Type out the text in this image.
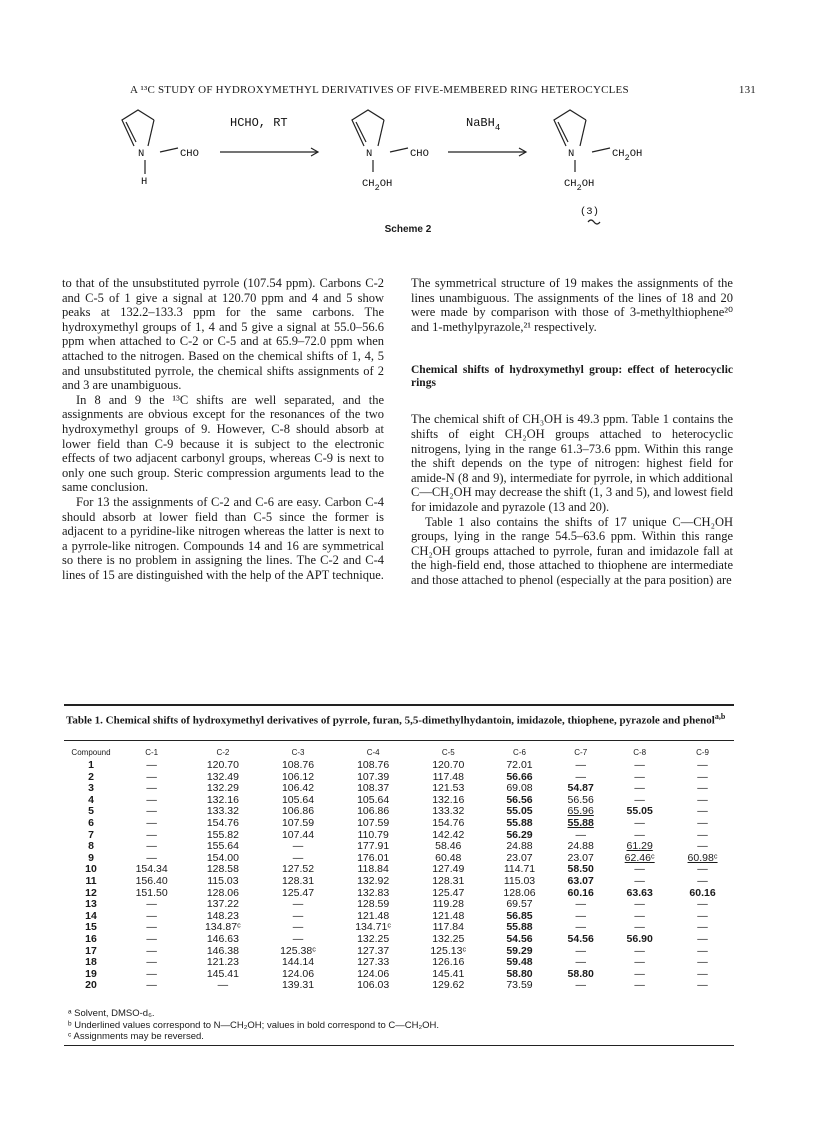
A ¹³C STUDY OF HYDROXYMETHYL DERIVATIVES OF FIVE-MEMBERED RING HETEROCYCLES	131
HCHO, RT	NaBH$_4$
N	CHO
H
N	CHO
$CH_2OH$
N	$CH_2OH$
$CH_2OH$
(3)
Scheme 2

to that of the unsubstituted pyrrole (107.54 ppm). Carbons C-2 and C-5 of 1 give a signal at 120.70 ppm and 4 and 5 show peaks at 132.2–133.3 ppm for the same carbons. The hydroxymethyl groups of 1, 4 and 5 give a signal at 55.0–56.6 ppm when attached to C-2 or C-5 and at 65.9–72.0 ppm when attached to the nitrogen. Based on the chemical shifts of 1, 4, 5 and unsubstituted pyrrole, the chemical shifts assignments of 2 and 3 are unambiguous.

In 8 and 9 the ¹³C shifts are well separated, and the assignments are obvious except for the resonances of the two hydroxymethyl groups of 9. However, C-8 should absorb at lower field than C-9 because it is subject to the electronic effects of two adjacent carbonyl groups, whereas C-9 is next to only one such group. Steric compression arguments lead to the same conclusion.

For 13 the assignments of C-2 and C-6 are easy. Carbon C-4 should absorb at lower field than C-5 since the former is adjacent to a pyridine-like nitrogen whereas the latter is next to a pyrrole-like nitrogen. Compounds 14 and 16 are symmetrical so there is no problem in assigning the lines. The C-2 and C-4 lines of 15 are distinguished with the help of the APT technique.

The symmetrical structure of 19 makes the assignments of the lines unambiguous. The assignments of the lines of 18 and 20 were made by comparison with those of 3-methylthiophene²⁰ and 1-methylpyrazole,²¹ respectively.

Chemical shifts of hydroxymethyl group: effect of heterocyclic rings

The chemical shift of CH₃OH is 49.3 ppm. Table 1 contains the shifts of eight CH₂OH groups attached to heterocyclic nitrogens, lying in the range 61.3–73.6 ppm. Within this range the shift depends on the type of nitrogen: highest field for amide-N (8 and 9), intermediate for pyrrole, in which additional C—CH₂OH may decrease the shift (1, 3 and 5), and lowest field for imidazole and pyrazole (13 and 20).

Table 1 also contains the shifts of 17 unique C—CH₂OH groups, lying in the range 54.5–63.6 ppm. Within this range CH₂OH groups attached to pyrrole, furan and imidazole fall at the high-field end, those attached to thiophene are intermediate and those attached to phenol (especially at the para position) are

Table 1. Chemical shifts of hydroxymethyl derivatives of pyrrole, furan, 5,5-dimethylhydantoin, imidazole, thiophene, pyrazole and phenol$^{a,b}$
Compound	C-1	C-2	C-3	C-4	C-5	C-6	C-7	C-8	C-9
1	—	120.70	108.76	108.76	120.70	72.01	—	—	—
2	—	132.49	106.12	107.39	117.48	56.66	—	—	—
3	—	132.29	106.42	108.37	121.53	69.08	54.87	—	—
4	—	132.16	105.64	105.64	132.16	56.56	56.56	—	—
5	—	133.32	106.86	106.86	133.32	55.05	65.96	55.05	—
6	—	154.76	107.59	107.59	154.76	55.88	55.88	—	—
7	—	155.82	107.44	110.79	142.42	56.29	—	—	—
8	—	155.64	—	177.91	58.46	24.88	24.88	61.29	—
9	—	154.00	—	176.01	60.48	23.07	23.07	62.46ᶜ	60.98ᶜ
10	154.34	128.58	127.52	118.84	127.49	114.71	58.50	—	—
11	156.40	115.03	128.31	132.92	128.31	115.03	63.07	—	—
12	151.50	128.06	125.47	132.83	125.47	128.06	60.16	63.63	60.16
13	—	137.22	—	128.59	119.28	69.57	—	—	—
14	—	148.23	—	121.48	121.48	56.85	—	—	—
15	—	134.87ᶜ	—	134.71ᶜ	117.84	55.88	—	—	—
16	—	146.63	—	132.25	132.25	54.56	54.56	56.90	—
17	—	146.38	125.38ᶜ	127.37	125.13ᶜ	59.29	—	—	—
18	—	121.23	144.14	127.33	126.16	59.48	—	—	—
19	—	145.41	124.06	124.06	145.41	58.80	58.80	—	—
20	—	—	139.31	106.03	129.62	73.59	—	—	—
ᵃ Solvent, DMSO-d₆.
ᵇ Underlined values correspond to N—CH₂OH; values in bold correspond to C—CH₂OH.
ᶜ Assignments may be reversed.
